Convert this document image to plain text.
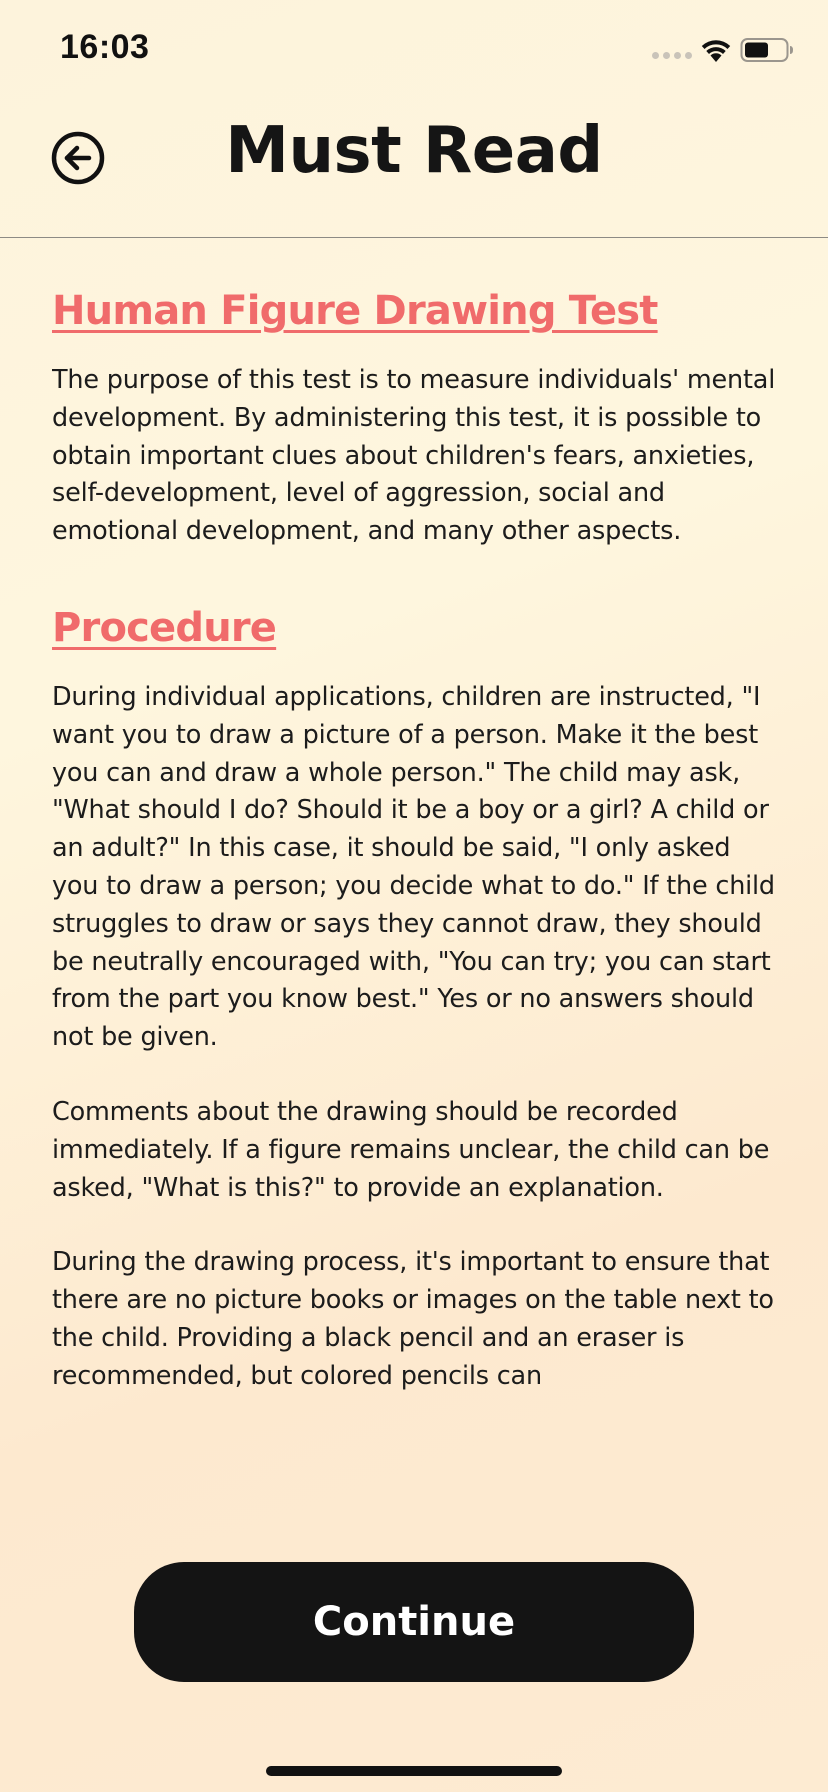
16:03
Must Read
Human Figure Drawing Test

The purpose of this test is to measure individuals' mental development. By administering this test, it is possible to obtain important clues about children's fears, anxieties, self-development, level of aggression, social and emotional development, and many other aspects.

Procedure

During individual applications, children are instructed, "I want you to draw a picture of a person. Make it the best you can and draw a whole person." The child may ask, "What should I do? Should it be a boy or a girl? A child or an adult?" In this case, it should be said, "I only asked you to draw a person; you decide what to do." If the child struggles to draw or says they cannot draw, they should be neutrally encouraged with, "You can try; you can start from the part you know best." Yes or no answers should not be given.

Comments about the drawing should be recorded immediately. If a figure remains unclear, the child can be asked, "What is this?" to provide an explanation.

During the drawing process, it's important to ensure that there are no picture books or images on the table next to the child. Providing a black pencil and an eraser is recommended, but colored pencils can

Continue
